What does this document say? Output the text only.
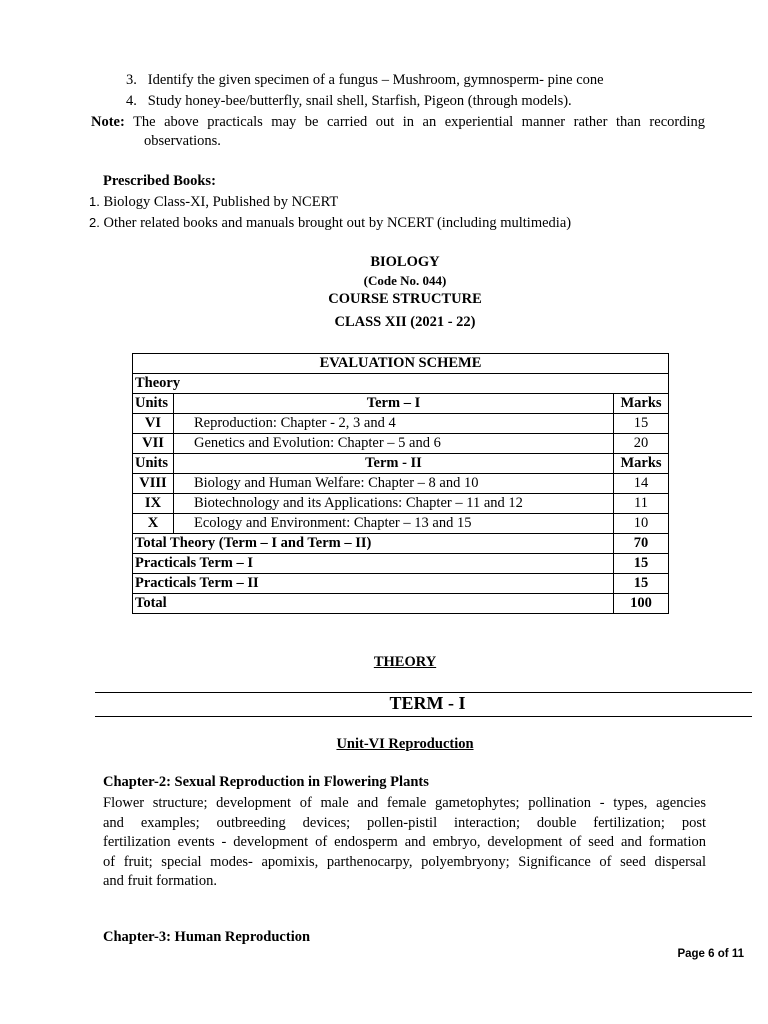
3. Identify the given specimen of a fungus – Mushroom, gymnosperm- pine cone
4. Study honey-bee/butterfly, snail shell, Starfish, Pigeon (through models).
Note: The above practicals may be carried out in an experiential manner rather than recording
observations.
Prescribed Books:
1. Biology Class-XI, Published by NCERT
2. Other related books and manuals brought out by NCERT (including multimedia)
BIOLOGY
(Code No. 044)
COURSE STRUCTURE
CLASS XII (2021 - 22)
EVALUATION SCHEME		
Theory		
Units	Term – I	Marks
VI	Reproduction: Chapter - 2, 3 and 4	15
VII	Genetics and Evolution: Chapter – 5 and 6	20
Units	Term - II	Marks
VIII	Biology and Human Welfare: Chapter – 8 and 10	14
IX	Biotechnology and its Applications: Chapter – 11 and 12	11
X	Ecology and Environment: Chapter – 13 and 15	10
Total Theory (Term – I and Term – II)		70
Practicals Term – I		15
Practicals Term – II		15
Total		100
THEORY
TERM - I
Unit-VI Reproduction
Chapter-2: Sexual Reproduction in Flowering Plants
Flower structure; development of male and female gametophytes; pollination - types, agencies
and examples; outbreeding devices; pollen-pistil interaction; double fertilization; post
fertilization events - development of endosperm and embryo, development of seed and formation
of fruit; special modes- apomixis, parthenocarpy, polyembryony; Significance of seed dispersal
and fruit formation.
Chapter-3: Human Reproduction
Page 6 of 11
